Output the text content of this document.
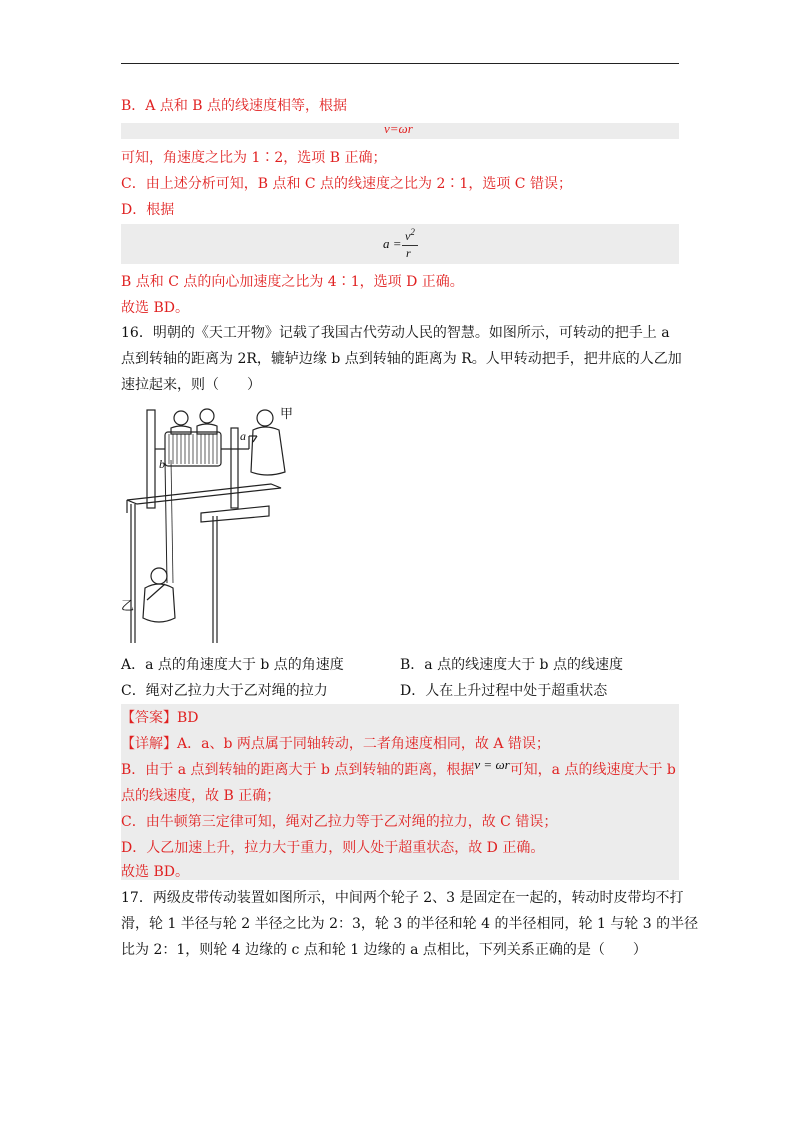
B．A 点和 B 点的线速度相等，根据
v=ωr
可知，角速度之比为 1∶2，选项 B 正确；
C．由上述分析可知，B 点和 C 点的线速度之比为 2∶1，选项 C 错误；
D．根据
$a = v^2$
r
B 点和 C 点的向心加速度之比为 4∶1，选项 D 正确。
故选 BD。
16．明朝的《天工开物》记载了我国古代劳动人民的智慧。如图所示，可转动的把手上 a
点到转轴的距离为 2R，辘轳边缘 b 点到转轴的距离为 R。人甲转动把手，把井底的人乙加
速拉起来，则（　　）
甲
乙
a
b
A．a 点的角速度大于 b 点的角速度	B．a 点的线速度大于 b 点的线速度
C．绳对乙拉力大于乙对绳的拉力	D．人在上升过程中处于超重状态
【答案】BD
【详解】A．a、b 两点属于同轴转动，二者角速度相同，故 A 错误；
B．由于 a 点到转轴的距离大于 b 点到转轴的距离，根据v = ωr可知，a 点的线速度大于 b
点的线速度，故 B 正确；
C．由牛顿第三定律可知，绳对乙拉力等于乙对绳的拉力，故 C 错误；
D．人乙加速上升，拉力大于重力，则人处于超重状态，故 D 正确。
故选 BD。
17．两级皮带传动装置如图所示，中间两个轮子 2、3 是固定在一起的，转动时皮带均不打
滑，轮 1 半径与轮 2 半径之比为 2：3，轮 3 的半径和轮 4 的半径相同，轮 1 与轮 3 的半径
比为 2：1，则轮 4 边缘的 c 点和轮 1 边缘的 a 点相比，下列关系正确的是（　　）
